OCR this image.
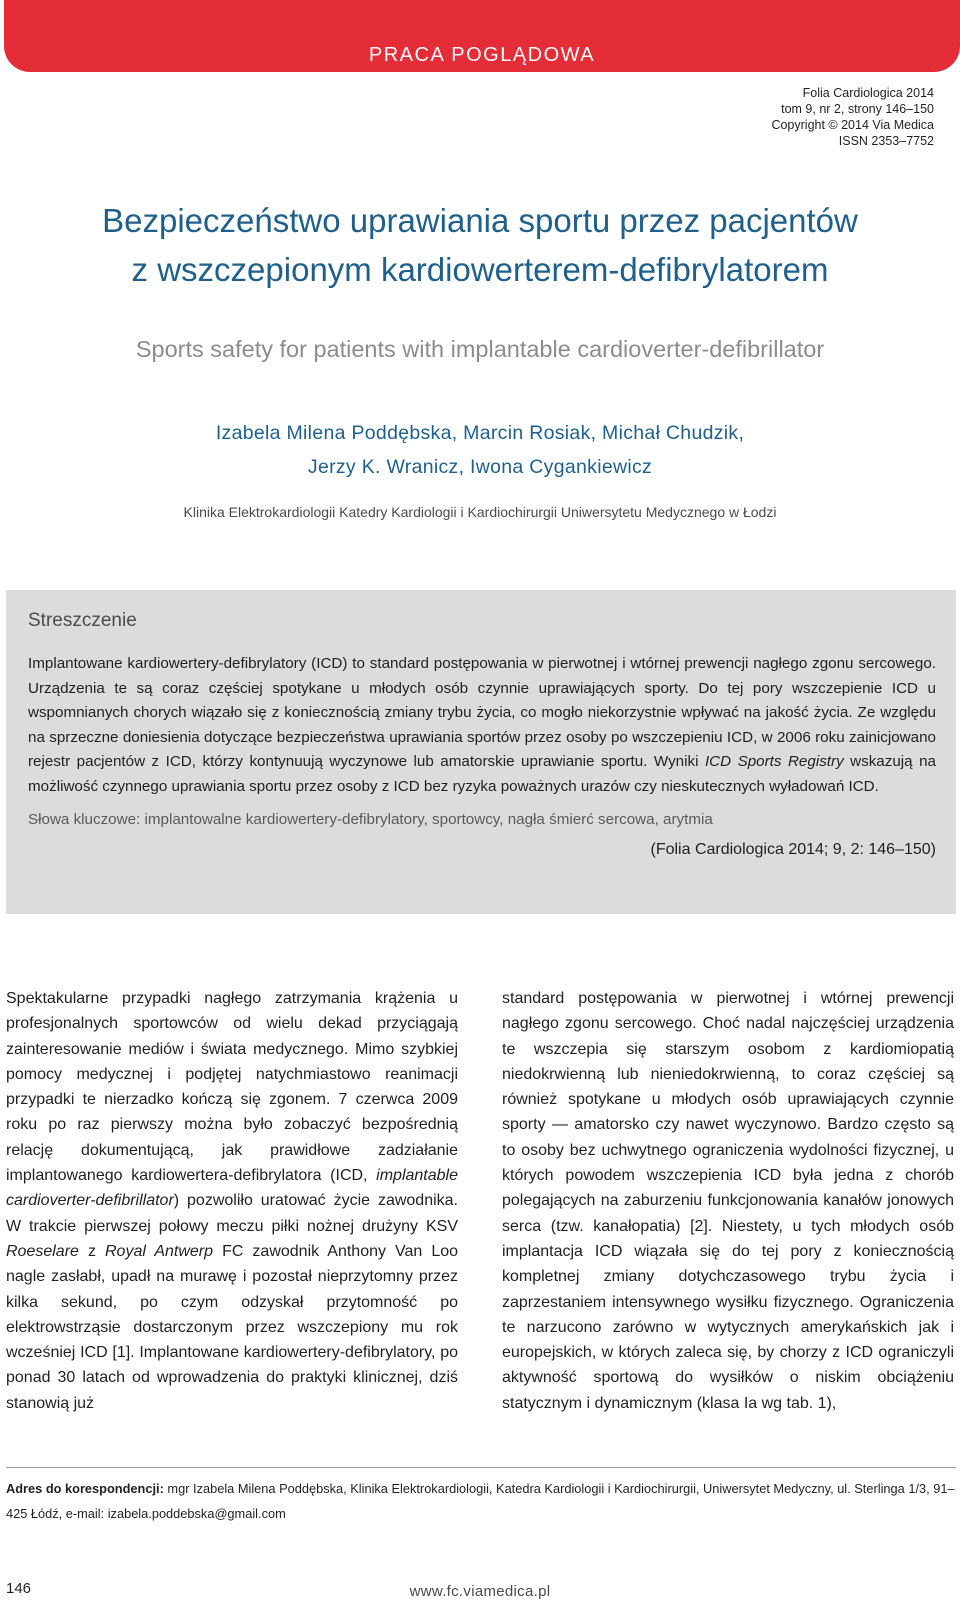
PRACA POGLĄDOWA
Folia Cardiologica 2014
tom 9, nr 2, strony 146–150
Copyright © 2014 Via Medica
ISSN 2353–7752
Bezpieczeństwo uprawiania sportu przez pacjentów
z wszczepionym kardiowerterem-defibrylatorem
Sports safety for patients with implantable cardioverter-defibrillator
Izabela Milena Poddębska, Marcin Rosiak, Michał Chudzik,
Jerzy K. Wranicz, Iwona Cygankiewicz
Klinika Elektrokardiologii Katedry Kardiologii i Kardiochirurgii Uniwersytetu Medycznego w Łodzi
Streszczenie
Implantowane kardiowertery-defibrylatory (ICD) to standard postępowania w pierwotnej i wtórnej prewencji nagłego zgonu sercowego. Urządzenia te są coraz częściej spotykane u młodych osób czynnie uprawiających sporty. Do tej pory wszczepienie ICD u wspomnianych chorych wiązało się z koniecznością zmiany trybu życia, co mogło niekorzystnie wpływać na jakość życia. Ze względu na sprzeczne doniesienia dotyczące bezpieczeństwa uprawiania sportów przez osoby po wszczepieniu ICD, w 2006 roku zainicjowano rejestr pacjentów z ICD, którzy kontynuują wyczynowe lub amatorskie uprawianie sportu. Wyniki ICD Sports Registry wskazują na możliwość czynnego uprawiania sportu przez osoby z ICD bez ryzyka poważnych urazów czy nieskutecznych wyładowań ICD.
Słowa kluczowe: implantowalne kardiowertery-defibrylatory, sportowcy, nagła śmierć sercowa, arytmia
(Folia Cardiologica 2014; 9, 2: 146–150)
Spektakularne przypadki nagłego zatrzymania krążenia u profesjonalnych sportowców od wielu dekad przyciągają zainteresowanie mediów i świata medycznego. Mimo szybkiej pomocy medycznej i podjętej natychmiastowo reanimacji przypadki te nierzadko kończą się zgonem. 7 czerwca 2009 roku po raz pierwszy można było zobaczyć bezpośrednią relację dokumentującą, jak prawidłowe zadziałanie implantowanego kardiowertera-defibrylatora (ICD, implantable cardioverter-defibrillator) pozwoliło uratować życie zawodnika. W trakcie pierwszej połowy meczu piłki nożnej drużyny KSV Roeselare z Royal Antwerp FC zawodnik Anthony Van Loo nagle zasłabł, upadł na murawę i pozostał nieprzytomny przez kilka sekund, po czym odzyskał przytomność po elektrowstrząsie dostarczonym przez wszczepiony mu rok wcześniej ICD [1]. Implantowane kardiowertery-defibrylatory, po ponad 30 latach od wprowadzenia do praktyki klinicznej, dziś stanowią już
standard postępowania w pierwotnej i wtórnej prewencji nagłego zgonu sercowego. Choć nadal najczęściej urządzenia te wszczepia się starszym osobom z kardiomiopatią niedokrwienną lub nieniedokrwienną, to coraz częściej są również spotykane u młodych osób uprawiających czynnie sporty — amatorsko czy nawet wyczynowo. Bardzo często są to osoby bez uchwytnego ograniczenia wydolności fizycznej, u których powodem wszczepienia ICD była jedna z chorób polegających na zaburzeniu funkcjonowania kanałów jonowych serca (tzw. kanałopatia) [2]. Niestety, u tych młodych osób implantacja ICD wiązała się do tej pory z koniecznością kompletnej zmiany dotychczasowego trybu życia i zaprzestaniem intensywnego wysiłku fizycznego. Ograniczenia te narzucono zarówno w wytycznych amerykańskich jak i europejskich, w których zaleca się, by chorzy z ICD ograniczyli aktywność sportową do wysiłków o niskim obciążeniu statycznym i dynamicznym (klasa Ia wg tab. 1),
Adres do korespondencji: mgr Izabela Milena Poddębska, Klinika Elektrokardiologii, Katedra Kardiologii i Kardiochirurgii, Uniwersytet Medyczny, ul. Sterlinga 1/3, 91–425 Łódź, e-mail: izabela.poddebska@gmail.com
146	www.fc.viamedica.pl
